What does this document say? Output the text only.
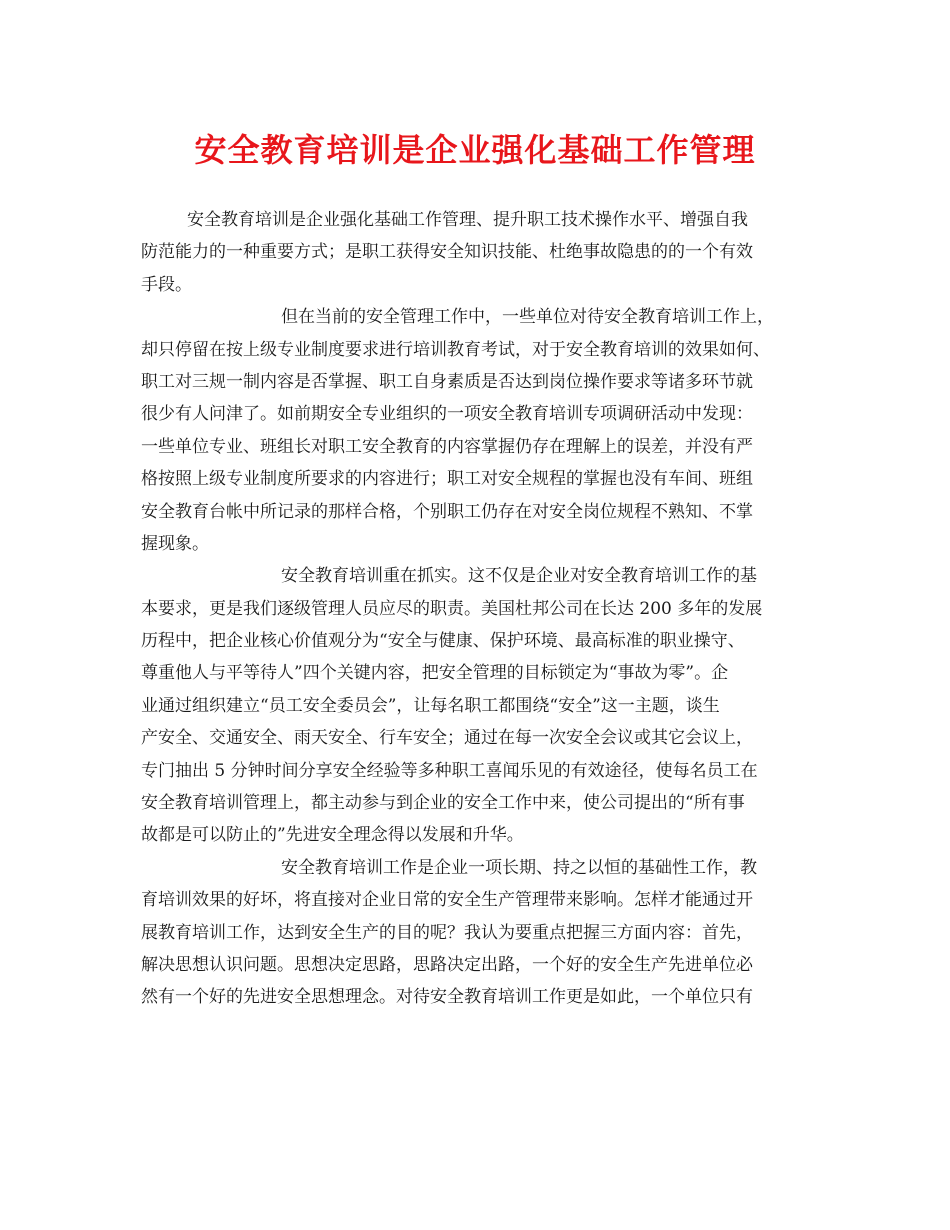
安全教育培训是企业强化基础工作管理
安全教育培训是企业强化基础工作管理、提升职工技术操作水平、增强自我
防范能力的一种重要方式；是职工获得安全知识技能、杜绝事故隐患的的一个有效
手段。
但在当前的安全管理工作中，一些单位对待安全教育培训工作上，
却只停留在按上级专业制度要求进行培训教育考试，对于安全教育培训的效果如何、
职工对三规一制内容是否掌握、职工自身素质是否达到岗位操作要求等诸多环节就
很少有人问津了。如前期安全专业组织的一项安全教育培训专项调研活动中发现：
一些单位专业、班组长对职工安全教育的内容掌握仍存在理解上的误差，并没有严
格按照上级专业制度所要求的内容进行；职工对安全规程的掌握也没有车间、班组
安全教育台帐中所记录的那样合格，个别职工仍存在对安全岗位规程不熟知、不掌
握现象。
安全教育培训重在抓实。这不仅是企业对安全教育培训工作的基
本要求，更是我们逐级管理人员应尽的职责。美国杜邦公司在长达 200 多年的发展
历程中，把企业核心价值观分为“安全与健康、保护环境、最高标准的职业操守、
尊重他人与平等待人”四个关键内容，把安全管理的目标锁定为“事故为零”。企
业通过组织建立“员工安全委员会”，让每名职工都围绕“安全”这一主题，谈生
产安全、交通安全、雨天安全、行车安全；通过在每一次安全会议或其它会议上，
专门抽出 5 分钟时间分享安全经验等多种职工喜闻乐见的有效途径，使每名员工在
安全教育培训管理上，都主动参与到企业的安全工作中来，使公司提出的“所有事
故都是可以防止的”先进安全理念得以发展和升华。
安全教育培训工作是企业一项长期、持之以恒的基础性工作，教
育培训效果的好坏，将直接对企业日常的安全生产管理带来影响。怎样才能通过开
展教育培训工作，达到安全生产的目的呢？我认为要重点把握三方面内容：首先，
解决思想认识问题。思想决定思路，思路决定出路，一个好的安全生产先进单位必
然有一个好的先进安全思想理念。对待安全教育培训工作更是如此，一个单位只有
